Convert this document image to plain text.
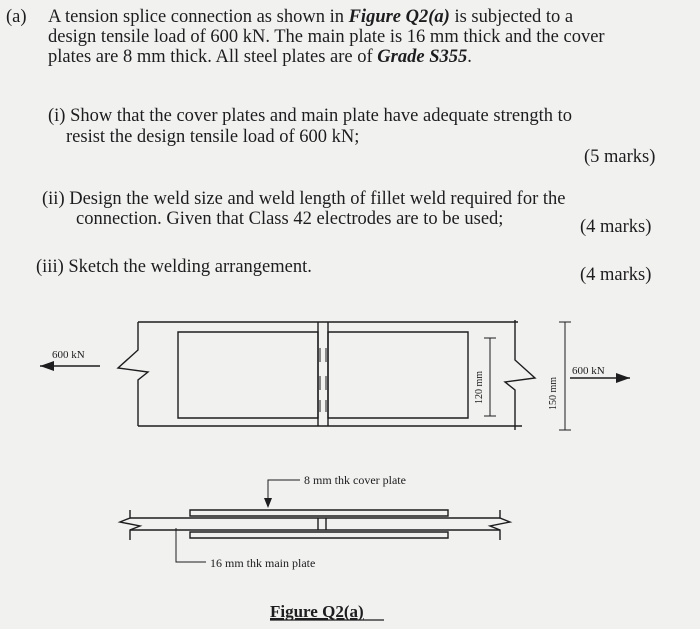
(a) A tension splice connection as shown in Figure Q2(a) is subjected to a
design tensile load of 600 kN. The main plate is 16 mm thick and the cover
plates are 8 mm thick. All steel plates are of Grade S355.
(i) Show that the cover plates and main plate have adequate strength to
resist the design tensile load of 600 kN;
(5 marks)
(ii) Design the weld size and weld length of fillet weld required for the
connection. Given that Class 42 electrodes are to be used;	(4 marks)
(iii) Sketch the welding arrangement.	(4 marks)
600 kN
600 kN
120 mm	150 mm
8 mm thk cover plate
16 mm thk main plate
Figure Q2(a)
